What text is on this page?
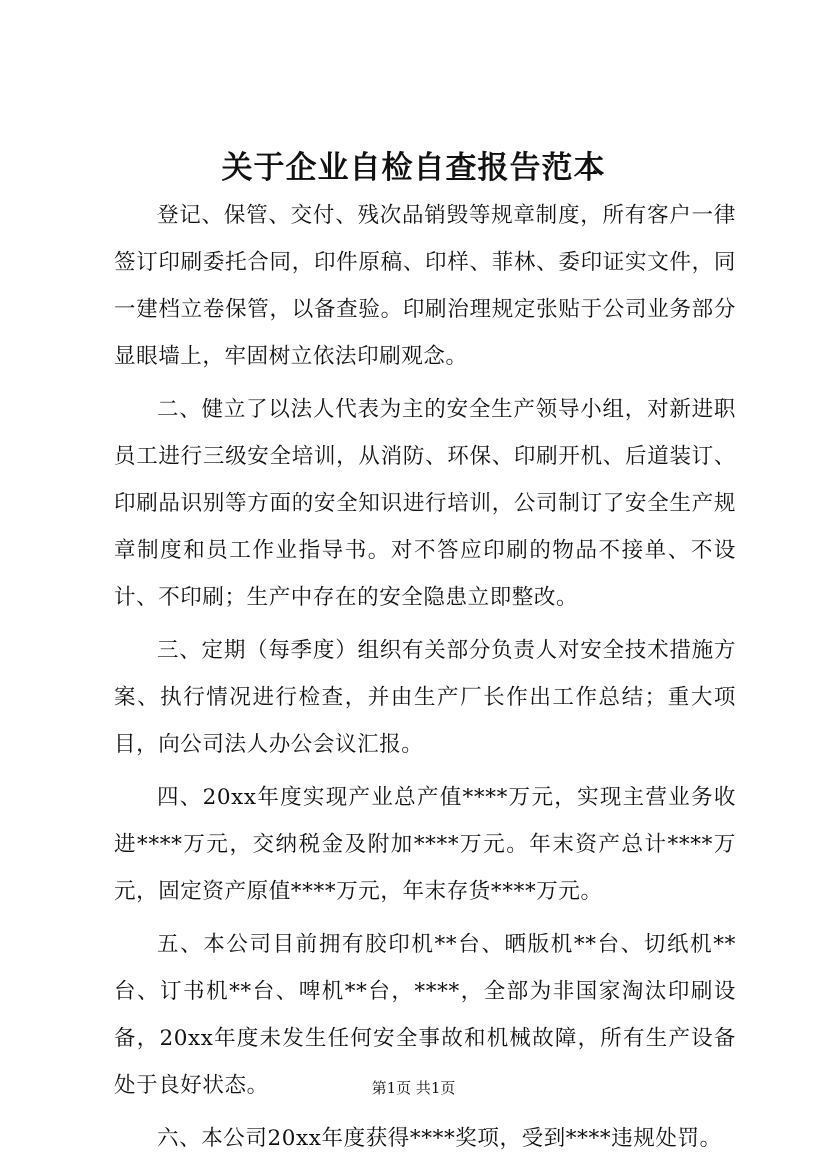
关于企业自检自查报告范本

登记、保管、交付、残次品销毁等规章制度，所有客户一律签订印刷委托合同，印件原稿、印样、菲林、委印证实文件，同一建档立卷保管，以备查验。印刷治理规定张贴于公司业务部分显眼墙上，牢固树立依法印刷观念。

二、健立了以法人代表为主的安全生产领导小组，对新进职员工进行三级安全培训，从消防、环保、印刷开机、后道装订、印刷品识别等方面的安全知识进行培训，公司制订了安全生产规章制度和员工作业指导书。对不答应印刷的物品不接单、不设计、不印刷；生产中存在的安全隐患立即整改。

三、定期（每季度）组织有关部分负责人对安全技术措施方案、执行情况进行检查，并由生产厂长作出工作总结；重大项目，向公司法人办公会议汇报。

四、20xx年度实现产业总产值****万元，实现主营业务收进****万元，交纳税金及附加****万元。年末资产总计****万元，固定资产原值****万元，年末存货****万元。

五、本公司目前拥有胶印机**台、晒版机**台、切纸机**台、订书机**台、啤机**台，****，全部为非国家淘汰印刷设备，20xx年度未发生任何安全事故和机械故障，所有生产设备处于良好状态。

六、本公司20xx年度获得****奖项，受到****违规处罚。

第1页 共1页
